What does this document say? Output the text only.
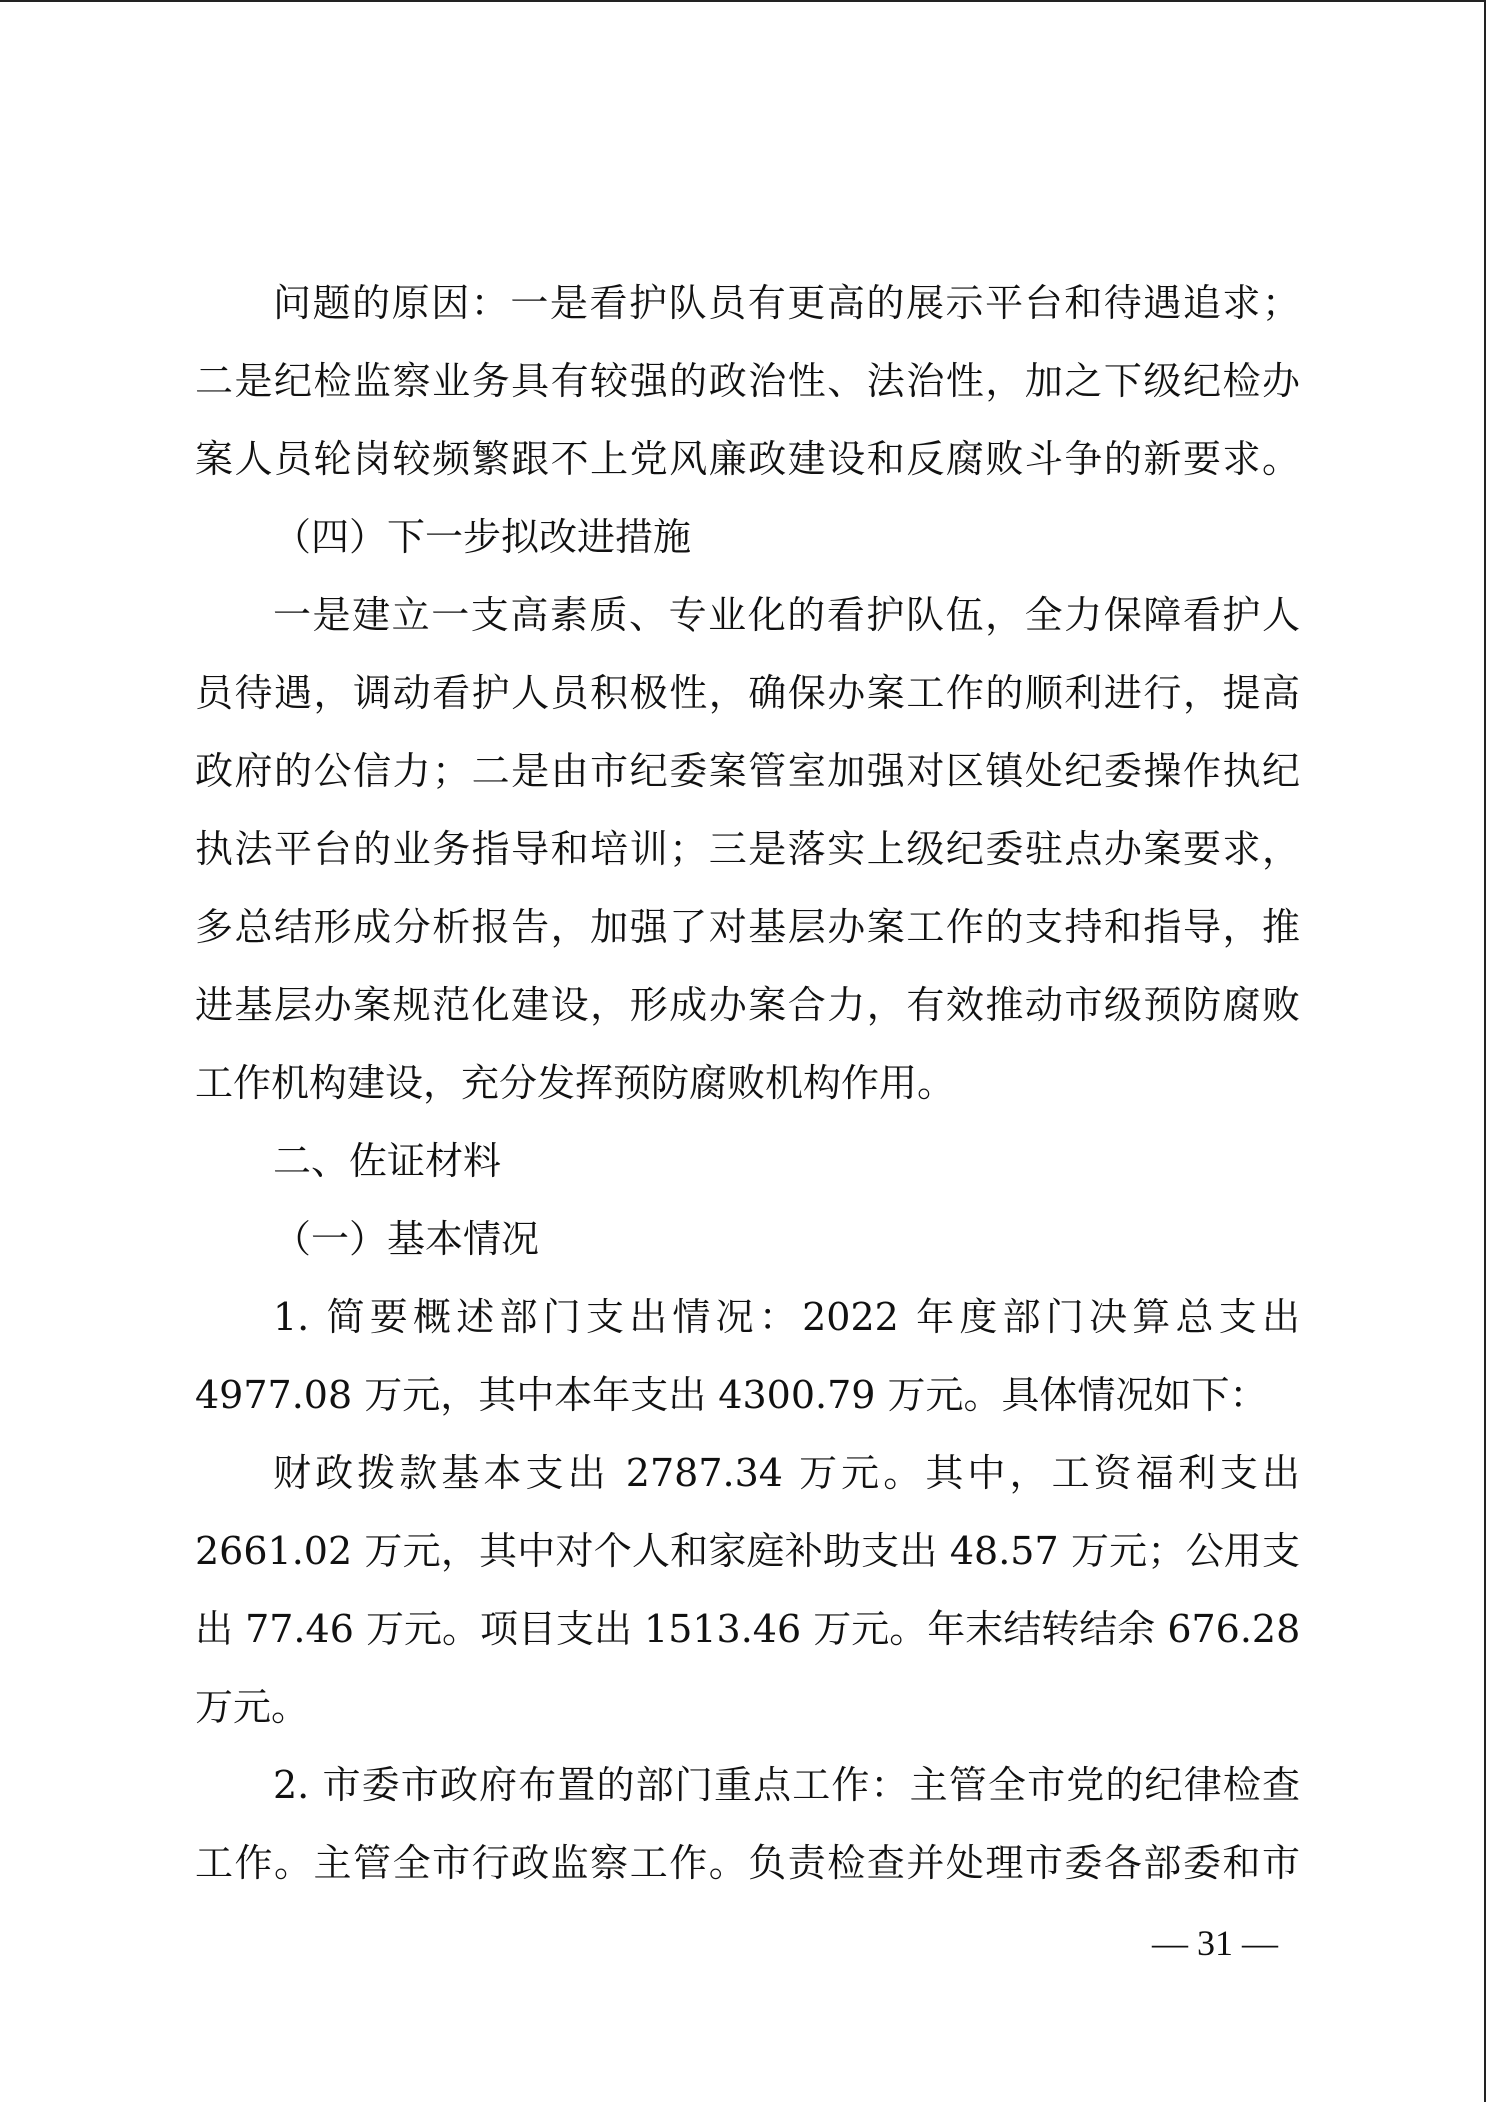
问题的原因：一是看护队员有更高的展示平台和待遇追求；
二是纪检监察业务具有较强的政治性、法治性，加之下级纪检办
案人员轮岗较频繁跟不上党风廉政建设和反腐败斗争的新要求。
（四）下一步拟改进措施
一是建立一支高素质、专业化的看护队伍，全力保障看护人
员待遇，调动看护人员积极性，确保办案工作的顺利进行，提高
政府的公信力；二是由市纪委案管室加强对区镇处纪委操作执纪
执法平台的业务指导和培训；三是落实上级纪委驻点办案要求，
多总结形成分析报告，加强了对基层办案工作的支持和指导，推
进基层办案规范化建设，形成办案合力，有效推动市级预防腐败
工作机构建设，充分发挥预防腐败机构作用。
二、佐证材料
（一）基本情况
1. 简要概述部门支出情况：2022 年度部门决算总支出
4977.08 万元，其中本年支出 4300.79 万元。具体情况如下：
财政拨款基本支出 2787.34 万元。其中，工资福利支出
2661.02 万元，其中对个人和家庭补助支出 48.57 万元；公用支
出 77.46 万元。项目支出 1513.46 万元。年末结转结余 676.28
万元。
2. 市委市政府布置的部门重点工作：主管全市党的纪律检查
工作。主管全市行政监察工作。负责检查并处理市委各部委和市
— 31 —
